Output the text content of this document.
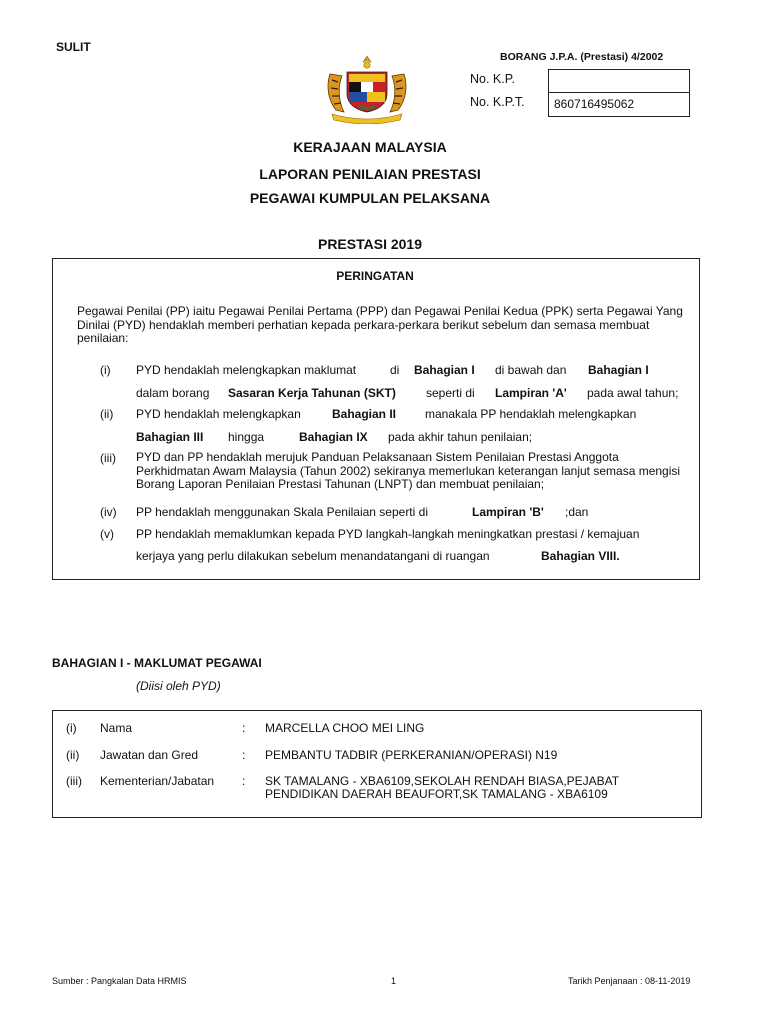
SULIT
BORANG J.P.A. (Prestasi) 4/2002
No. K.P.
No. K.P.T.	860716495062
KERAJAAN MALAYSIA
LAPORAN PENILAIAN PRESTASI
PEGAWAI KUMPULAN PELAKSANA
PRESTASI 2019
PERINGATAN
Pegawai Penilai (PP) iaitu Pegawai Penilai Pertama (PPP) dan Pegawai Penilai Kedua (PPK) serta Pegawai Yang Dinilai (PYD) hendaklah memberi perhatian kepada perkara-perkara berikut sebelum dan semasa membuat penilaian:
(i) PYD hendaklah melengkapkan maklumat	di Bahagian I di bawah dan Bahagian I
dalam borang Sasaran Kerja Tahunan (SKT)	seperti di Lampiran 'A' pada awal tahun;
(ii) PYD hendaklah melengkapkan	Bahagian II manakala PP hendaklah melengkapkan
Bahagian III hingga	Bahagian IX pada akhir tahun penilaian;
(iii) PYD dan PP hendaklah merujuk Panduan Pelaksanaan Sistem Penilaian Prestasi Anggota Perkhidmatan Awam Malaysia (Tahun 2002) sekiranya memerlukan keterangan lanjut semasa mengisi Borang Laporan Penilaian Prestasi Tahunan (LNPT) dan membuat penilaian;
(iv) PP hendaklah menggunakan Skala Penilaian seperti di	Lampiran 'B' ;dan
(v) PP hendaklah memaklumkan kepada PYD langkah-langkah meningkatkan prestasi / kemajuan
kerjaya yang perlu dilakukan sebelum menandatangani di ruangan	Bahagian VIII.
BAHAGIAN I - MAKLUMAT PEGAWAI
(Diisi oleh PYD)
(i) Nama	: MARCELLA CHOO MEI LING
(ii) Jawatan dan Gred	: PEMBANTU TADBIR (PERKERANIAN/OPERASI) N19
(iii) Kementerian/Jabatan : SK TAMALANG - XBA6109,SEKOLAH RENDAH BIASA,PEJABAT PENDIDIKAN DAERAH BEAUFORT,SK TAMALANG - XBA6109
Sumber : Pangkalan Data HRMIS	1	Tarikh Penjanaan : 08-11-2019
